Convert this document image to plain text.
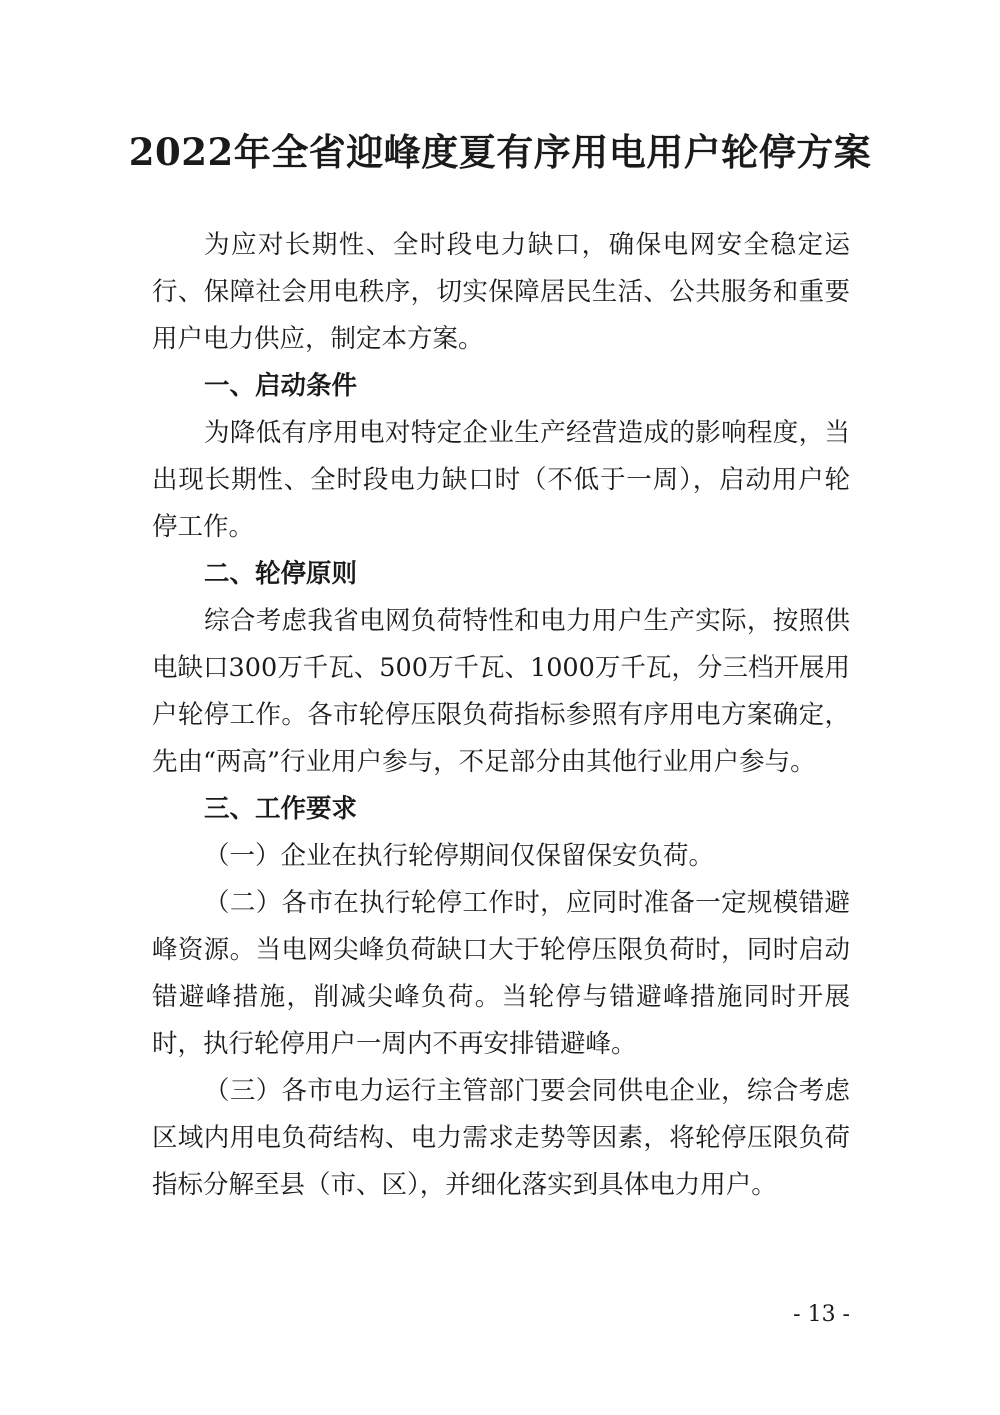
2022年全省迎峰度夏有序用电用户轮停方案

为应对长期性、全时段电力缺口，确保电网安全稳定运行、保障社会用电秩序，切实保障居民生活、公共服务和重要用户电力供应，制定本方案。

一、启动条件

为降低有序用电对特定企业生产经营造成的影响程度，当出现长期性、全时段电力缺口时（不低于一周），启动用户轮停工作。

二、轮停原则

综合考虑我省电网负荷特性和电力用户生产实际，按照供电缺口300万千瓦、500万千瓦、1000万千瓦，分三档开展用户轮停工作。各市轮停压限负荷指标参照有序用电方案确定，先由“两高”行业用户参与，不足部分由其他行业用户参与。

三、工作要求

（一）企业在执行轮停期间仅保留保安负荷。

（二）各市在执行轮停工作时，应同时准备一定规模错避峰资源。当电网尖峰负荷缺口大于轮停压限负荷时，同时启动错避峰措施，削减尖峰负荷。当轮停与错避峰措施同时开展时，执行轮停用户一周内不再安排错避峰。

（三）各市电力运行主管部门要会同供电企业，综合考虑区域内用电负荷结构、电力需求走势等因素，将轮停压限负荷指标分解至县（市、区），并细化落实到具体电力用户。

- 13 -
